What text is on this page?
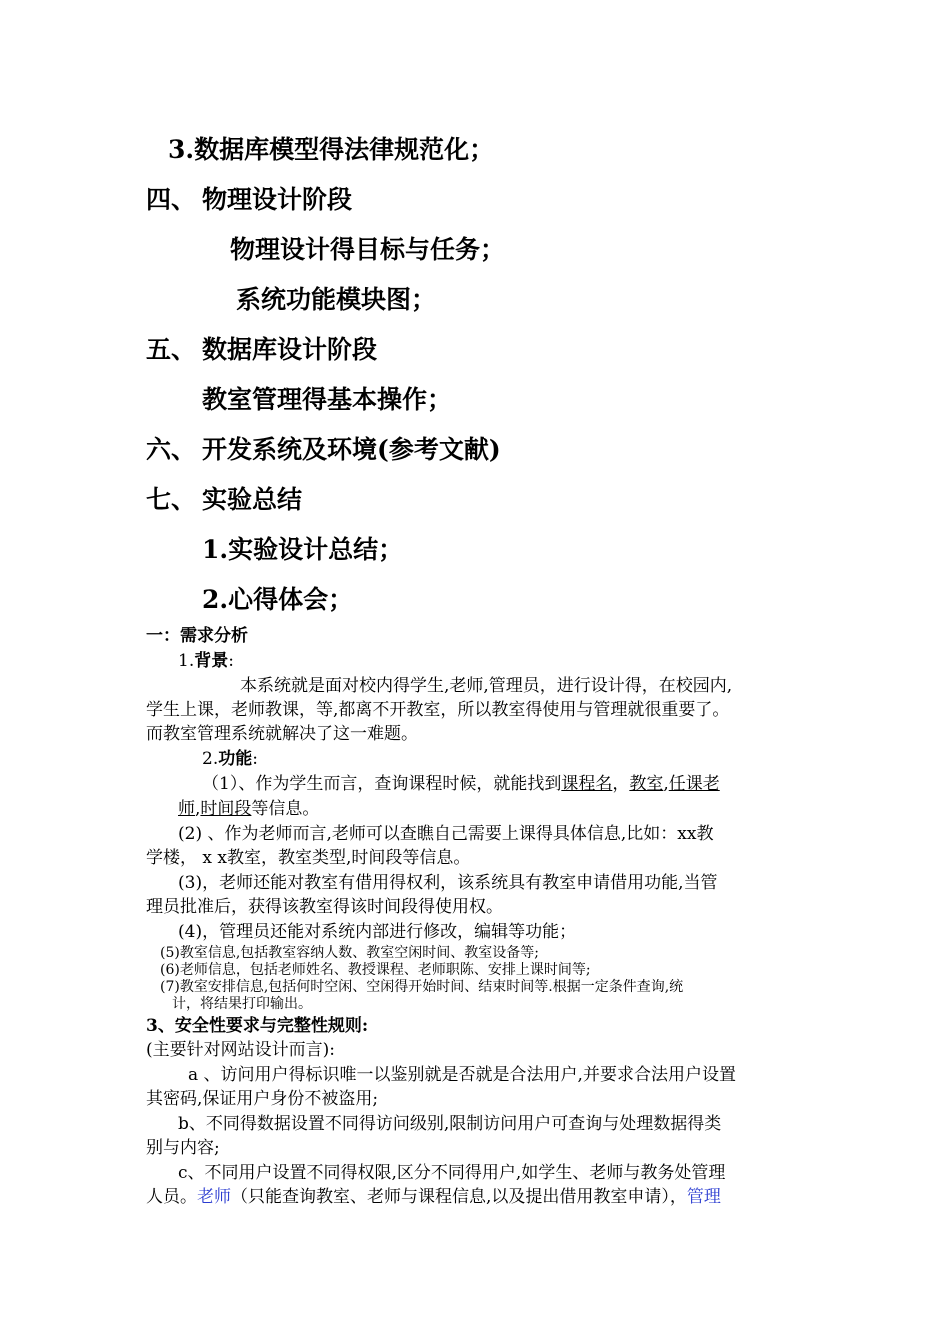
3.数据库模型得法律规范化；
四、 物理设计阶段
物理设计得目标与任务；
系统功能模块图；
五、 数据库设计阶段
教室管理得基本操作；
六、 开发系统及环境(参考文献)
七、 实验总结
1.实验设计总结；
2.心得体会；
一：需求分析
1.背景:
本系统就是面对校内得学生,老师,管理员，进行设计得，在校园内,
学生上课，老师教课，等,都离不开教室，所以教室得使用与管理就很重要了。
而教室管理系统就解决了这一难题。
2.功能:
（1）、作为学生而言，查询课程时候，就能找到课程名，教室,任课老
师,时间段等信息。
(2) 、作为老师而言,老师可以查瞧自己需要上课得具体信息,比如：xx教
学楼， x x教室，教室类型,时间段等信息。
(3)，老师还能对教室有借用得权利，该系统具有教室申请借用功能,当管
理员批准后，获得该教室得该时间段得使用权。
(4)，管理员还能对系统内部进行修改，编辑等功能；
(5)教室信息,包括教室容纳人数、教室空闲时间、教室设备等;
(6)老师信息，包括老师姓名、教授课程、老师职陈、安排上课时间等;
(7)教室安排信息,包括何时空闲、空闲得开始时间、结束时间等.根据一定条件查询,统
计，将结果打印输出。
3、安全性要求与完整性规则:
(主要针对网站设计而言):
a 、访问用户得标识唯一以鉴别就是否就是合法用户,并要求合法用户设置
其密码,保证用户身份不被盗用;
b、不同得数据设置不同得访问级别,限制访问用户可查询与处理数据得类
别与内容;
c、不同用户设置不同得权限,区分不同得用户,如学生、老师与教务处管理
人员。老师（只能查询教室、老师与课程信息,以及提出借用教室申请），管理
